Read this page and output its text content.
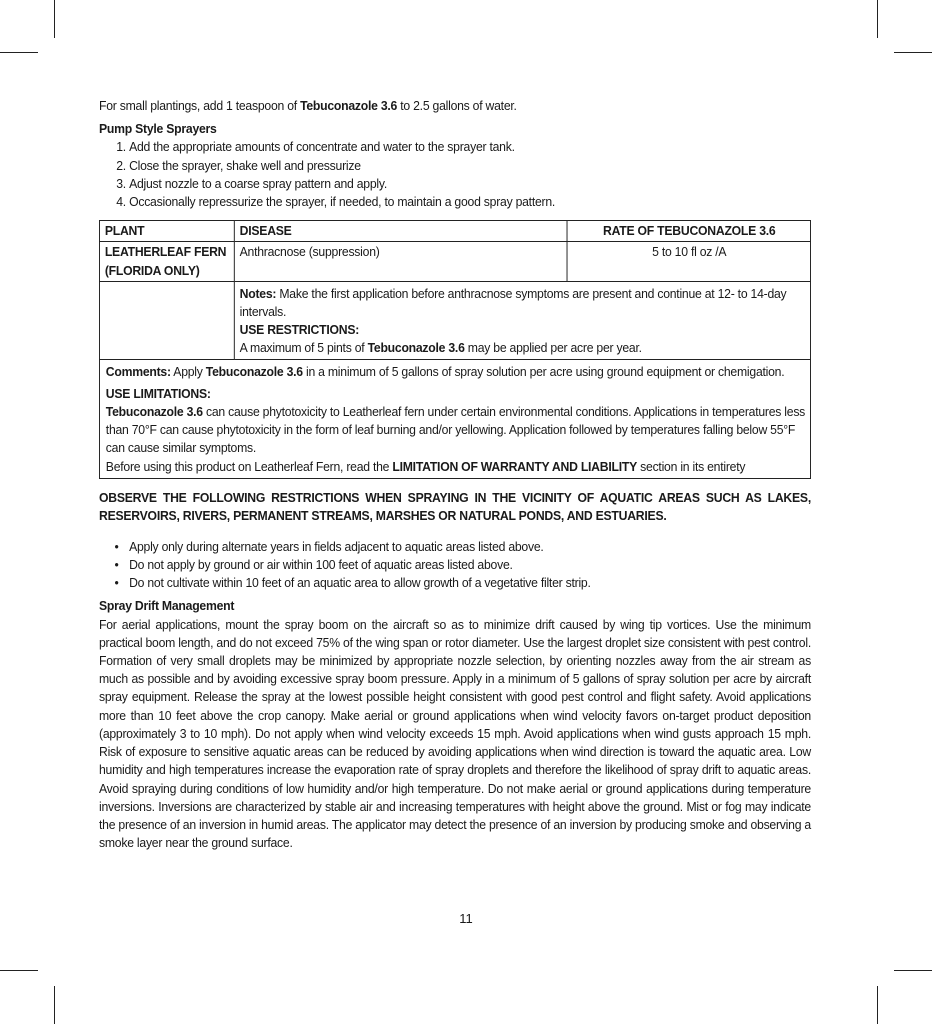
For small plantings, add 1 teaspoon of Tebuconazole 3.6 to 2.5 gallons of water.

Pump Style Sprayers

1. Add the appropriate amounts of concentrate and water to the sprayer tank.
2. Close the sprayer, shake well and pressurize
3. Adjust nozzle to a coarse spray pattern and apply.
4. Occasionally repressurize the sprayer, if needed, to maintain a good spray pattern.
PLANT	DISEASE	RATE OF TEBUCONAZOLE 3.6

LEATHERLEAF FERN
(FLORIDA ONLY)	Anthracnose (suppression)	5 to 10 fl oz /A

	Notes: Make the first application before anthracnose symptoms are present and continue at 12- to 14-day intervals.
USE RESTRICTIONS:
A maximum of 5 pints of Tebuconazole 3.6 may be applied per acre per year.	
Comments: Apply Tebuconazole 3.6 in a minimum of 5 gallons of spray solution per acre using ground equipment or chemigation.
USE LIMITATIONS:
Tebuconazole 3.6 can cause phytotoxicity to Leatherleaf fern under certain environmental conditions. Applications in temperatures less than 70°F can cause phytotoxicity in the form of leaf burning and/or yellowing. Application followed by temperatures falling below 55°F can cause similar symptoms.
Before using this product on Leatherleaf Fern, read the LIMITATION OF WARRANTY AND LIABILITY section in its entirety

OBSERVE THE FOLLOWING RESTRICTIONS WHEN SPRAYING IN THE VICINITY OF AQUATIC AREAS SUCH AS LAKES, RESERVOIRS, RIVERS, PERMANENT STREAMS, MARSHES OR NATURAL PONDS, AND ESTUARIES.

• Apply only during alternate years in fields adjacent to aquatic areas listed above.
• Do not apply by ground or air within 100 feet of aquatic areas listed above.
• Do not cultivate within 10 feet of an aquatic area to allow growth of a vegetative filter strip.

Spray Drift Management

For aerial applications, mount the spray boom on the aircraft so as to minimize drift caused by wing tip vortices. Use the minimum practical boom length, and do not exceed 75% of the wing span or rotor diameter. Use the largest droplet size consistent with pest control. Formation of very small droplets may be minimized by appropriate nozzle selection, by orienting nozzles away from the air stream as much as possible and by avoiding excessive spray boom pressure. Apply in a minimum of 5 gallons of spray solution per acre by aircraft spray equipment. Release the spray at the lowest possible height consistent with good pest control and flight safety. Avoid applications more than 10 feet above the crop canopy. Make aerial or ground applications when wind velocity favors on-target product deposition (approximately 3 to 10 mph). Do not apply when wind velocity exceeds 15 mph. Avoid applications when wind gusts approach 15 mph. Risk of exposure to sensitive aquatic areas can be reduced by avoiding applications when wind direction is toward the aquatic area. Low humidity and high temperatures increase the evaporation rate of spray droplets and therefore the likelihood of spray drift to aquatic areas. Avoid spraying during conditions of low humidity and/or high temperature. Do not make aerial or ground applications during temperature inversions. Inversions are characterized by stable air and increasing temperatures with height above the ground. Mist or fog may indicate the presence of an inversion in humid areas. The applicator may detect the presence of an inversion by producing smoke and observing a smoke layer near the ground surface.

11
